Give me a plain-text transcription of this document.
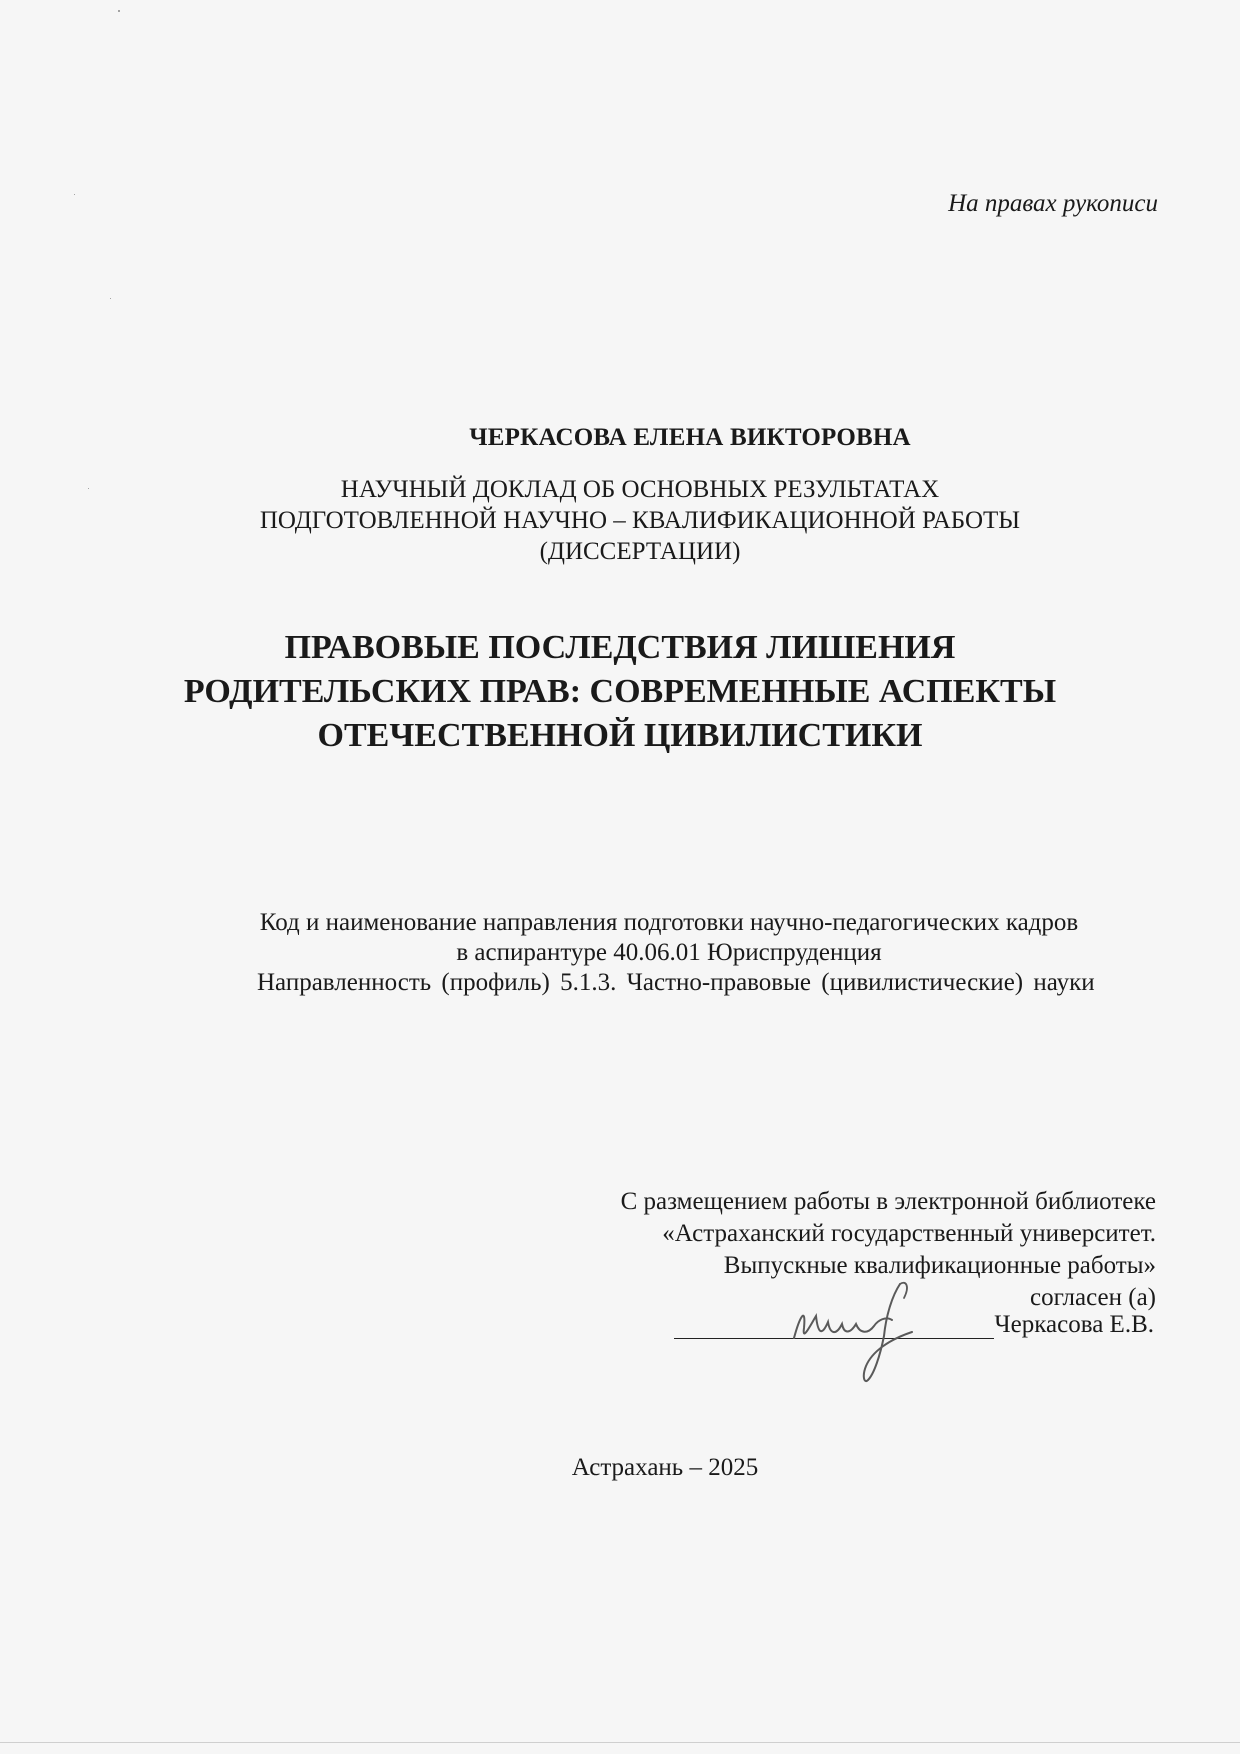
На правах рукописи
ЧЕРКАСОВА ЕЛЕНА ВИКТОРОВНА
НАУЧНЫЙ ДОКЛАД ОБ ОСНОВНЫХ РЕЗУЛЬТАТАХ
ПОДГОТОВЛЕННОЙ НАУЧНО – КВАЛИФИКАЦИОННОЙ РАБОТЫ
(ДИССЕРТАЦИИ)
ПРАВОВЫЕ ПОСЛЕДСТВИЯ ЛИШЕНИЯ
РОДИТЕЛЬСКИХ ПРАВ: СОВРЕМЕННЫЕ АСПЕКТЫ
ОТЕЧЕСТВЕННОЙ ЦИВИЛИСТИКИ
Код и наименование направления подготовки научно-педагогических кадров
в аспирантуре 40.06.01 Юриспруденция
Направленность (профиль) 5.1.3. Частно-правовые (цивилистические) науки
С размещением работы в электронной библиотеке
«Астраханский государственный университет.
Выпускные квалификационные работы»
согласен (а)
Черкасова Е.В.
Астрахань – 2025
